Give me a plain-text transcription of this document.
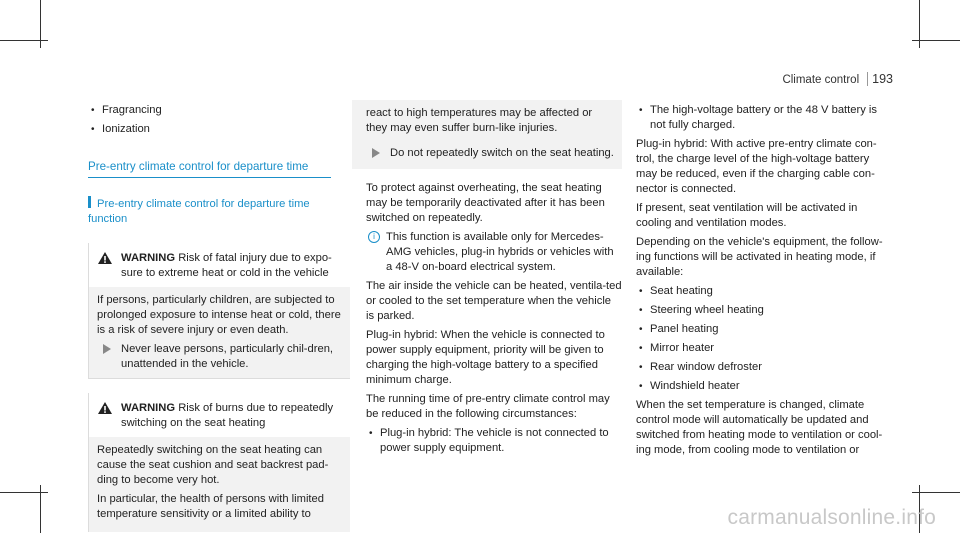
Climate control 193
• Fragrancing
• Ionization
Pre-entry climate control for departure time
Pre-entry climate control for departure time function
WARNING Risk of fatal injury due to expo-sure to extreme heat or cold in the vehicle

If persons, particularly children, are subjected to prolonged exposure to intense heat or cold, there is a risk of severe injury or even death.

Never leave persons, particularly chil-dren, unattended in the vehicle.
WARNING Risk of burns due to repeatedly switching on the seat heating

Repeatedly switching on the seat heating can cause the seat cushion and seat backrest pad-ding to become very hot.

In particular, the health of persons with limited temperature sensitivity or a limited ability to

react to high temperatures may be affected or they may even suffer burn-like injuries.

Do not repeatedly switch on the seat heating.

To protect against overheating, the seat heating may be temporarily deactivated after it has been switched on repeatedly.

i This function is available only for Mercedes-AMG vehicles, plug-in hybrids or vehicles with a 48-V on-board electrical system.

The air inside the vehicle can be heated, ventila-ted or cooled to the set temperature when the vehicle is parked.

Plug-in hybrid: When the vehicle is connected to power supply equipment, priority will be given to charging the high-voltage battery to a specified minimum charge.

The running time of pre-entry climate control may be reduced in the following circumstances:

• Plug-in hybrid: The vehicle is not connected to power supply equipment.
• The high-voltage battery or the 48 V battery is not fully charged.

Plug-in hybrid: With active pre-entry climate con-trol, the charge level of the high-voltage battery may be reduced, even if the charging cable con-nector is connected.

If present, seat ventilation will be activated in cooling and ventilation modes.

Depending on the vehicle's equipment, the follow-ing functions will be activated in heating mode, if available:

• Seat heating
• Steering wheel heating
• Panel heating
• Mirror heater
• Rear window defroster
• Windshield heater

When the set temperature is changed, climate control mode will automatically be updated and switched from heating mode to ventilation or cool-ing mode, from cooling mode to ventilation or

carmanualsonline.info
